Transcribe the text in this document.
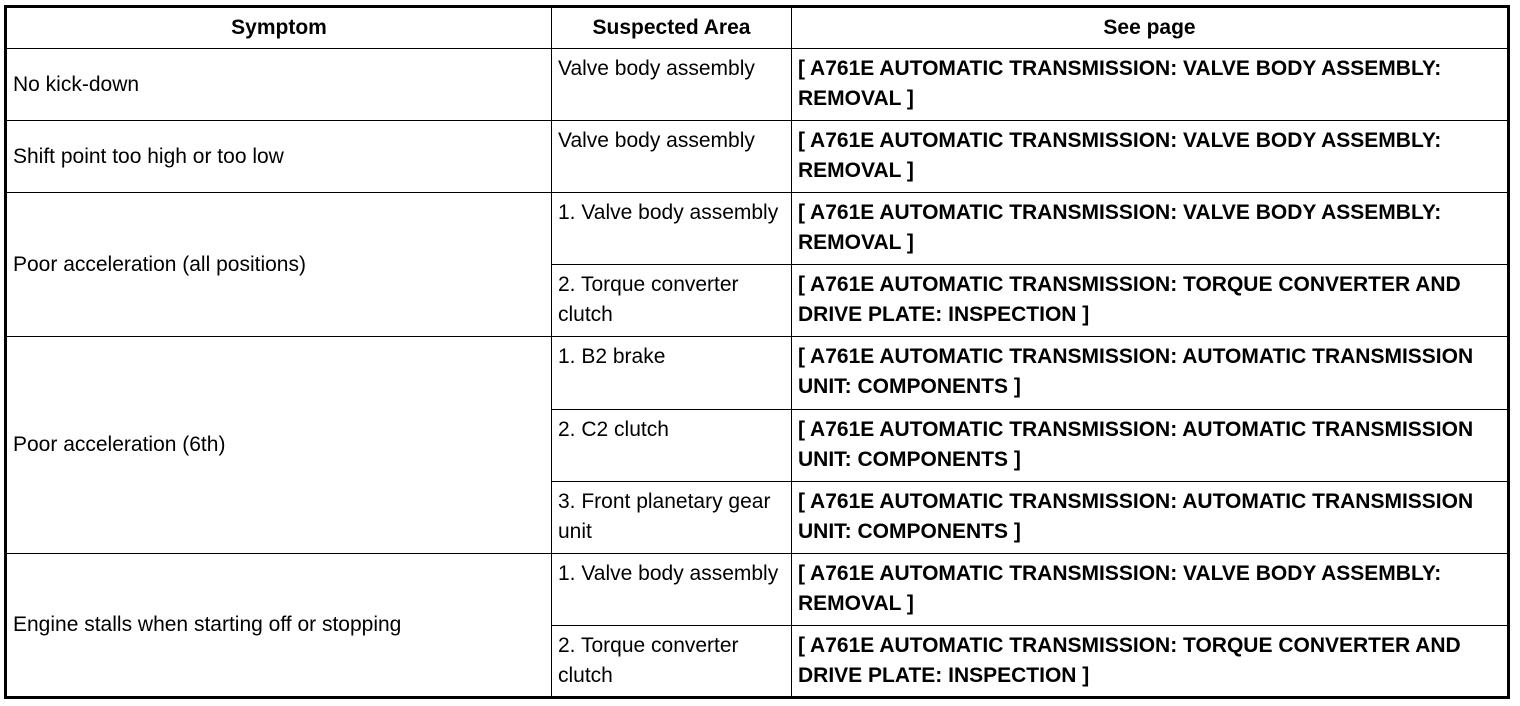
Symptom	Suspected Area	See page
No kick-down	Valve body assembly	[ A761E AUTOMATIC TRANSMISSION: VALVE BODY ASSEMBLY: REMOVAL ]
Shift point too high or too low	Valve body assembly	[ A761E AUTOMATIC TRANSMISSION: VALVE BODY ASSEMBLY: REMOVAL ]
Poor acceleration (all positions)	1. Valve body assembly	[ A761E AUTOMATIC TRANSMISSION: VALVE BODY ASSEMBLY: REMOVAL ]
	2. Torque converter clutch	[ A761E AUTOMATIC TRANSMISSION: TORQUE CONVERTER AND DRIVE PLATE: INSPECTION ]
Poor acceleration (6th)	1. B2 brake	[ A761E AUTOMATIC TRANSMISSION: AUTOMATIC TRANSMISSION UNIT: COMPONENTS ]
	2. C2 clutch	[ A761E AUTOMATIC TRANSMISSION: AUTOMATIC TRANSMISSION UNIT: COMPONENTS ]
	3. Front planetary gear unit	[ A761E AUTOMATIC TRANSMISSION: AUTOMATIC TRANSMISSION UNIT: COMPONENTS ]
Engine stalls when starting off or stopping	1. Valve body assembly	[ A761E AUTOMATIC TRANSMISSION: VALVE BODY ASSEMBLY: REMOVAL ]
	2. Torque converter clutch	[ A761E AUTOMATIC TRANSMISSION: TORQUE CONVERTER AND DRIVE PLATE: INSPECTION ]
